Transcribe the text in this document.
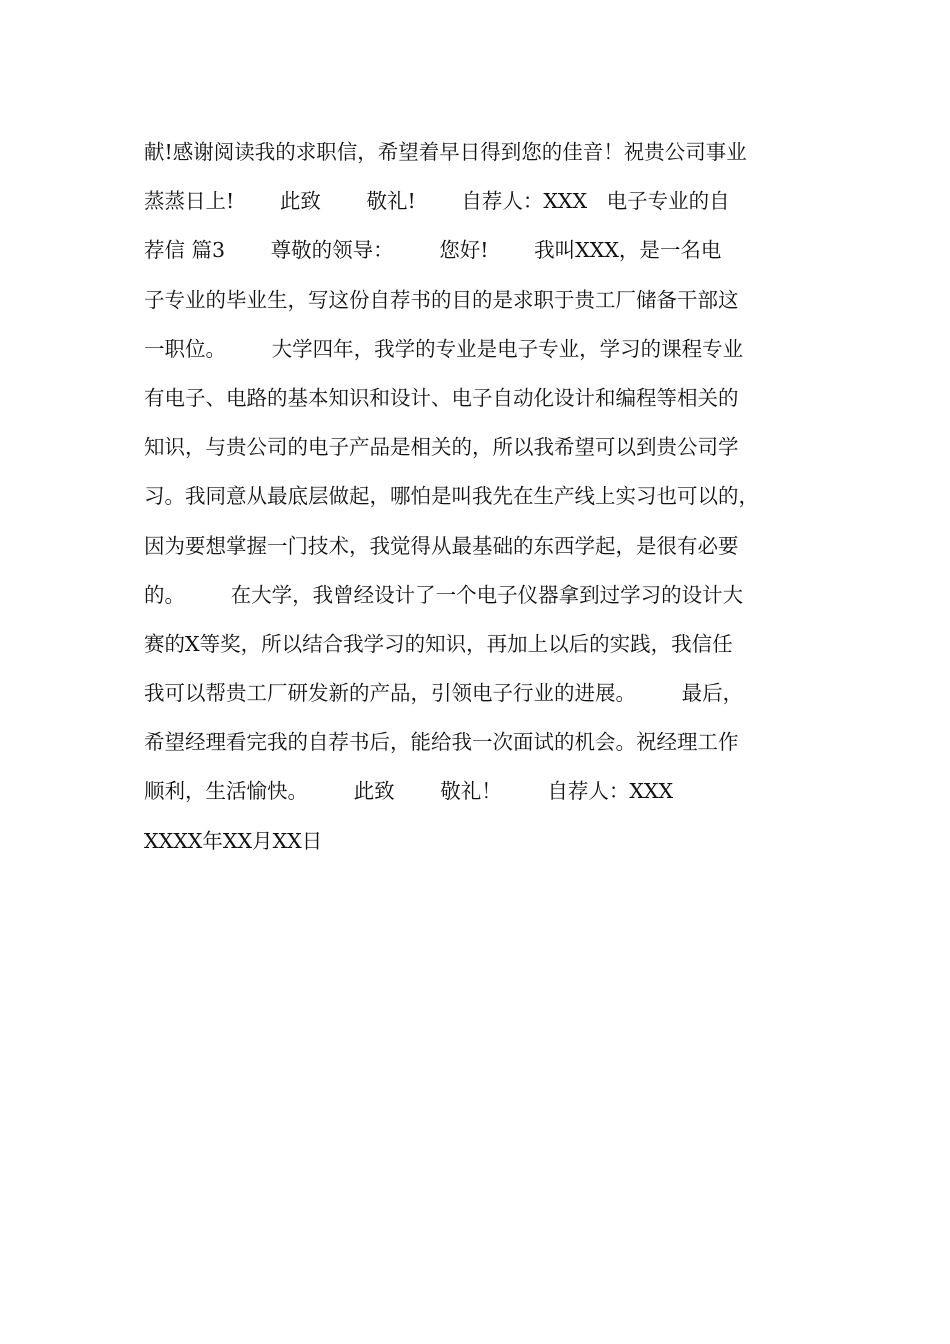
献!感谢阅读我的求职信，希望着早日得到您的佳音！祝贵公司事业
蒸蒸日上!       此致       敬礼!       自荐人：XXX   电子专业的自
荐信 篇3       尊敬的领导：       您好!       我叫XXX，是一名电
子专业的毕业生，写这份自荐书的目的是求职于贵工厂储备干部这
一职位。       大学四年，我学的专业是电子专业，学习的课程专业
有电子、电路的基本知识和设计、电子自动化设计和编程等相关的
知识，与贵公司的电子产品是相关的，所以我希望可以到贵公司学
习。我同意从最底层做起，哪怕是叫我先在生产线上实习也可以的，
因为要想掌握一门技术，我觉得从最基础的东西学起，是很有必要
的。       在大学，我曾经设计了一个电子仪器拿到过学习的设计大
赛的X等奖，所以结合我学习的知识，再加上以后的实践，我信任
我可以帮贵工厂研发新的产品，引领电子行业的进展。       最后，
希望经理看完我的自荐书后，能给我一次面试的机会。祝经理工作
顺利，生活愉快。       此致       敬礼！       自荐人：XXX
XXXX年XX月XX日
